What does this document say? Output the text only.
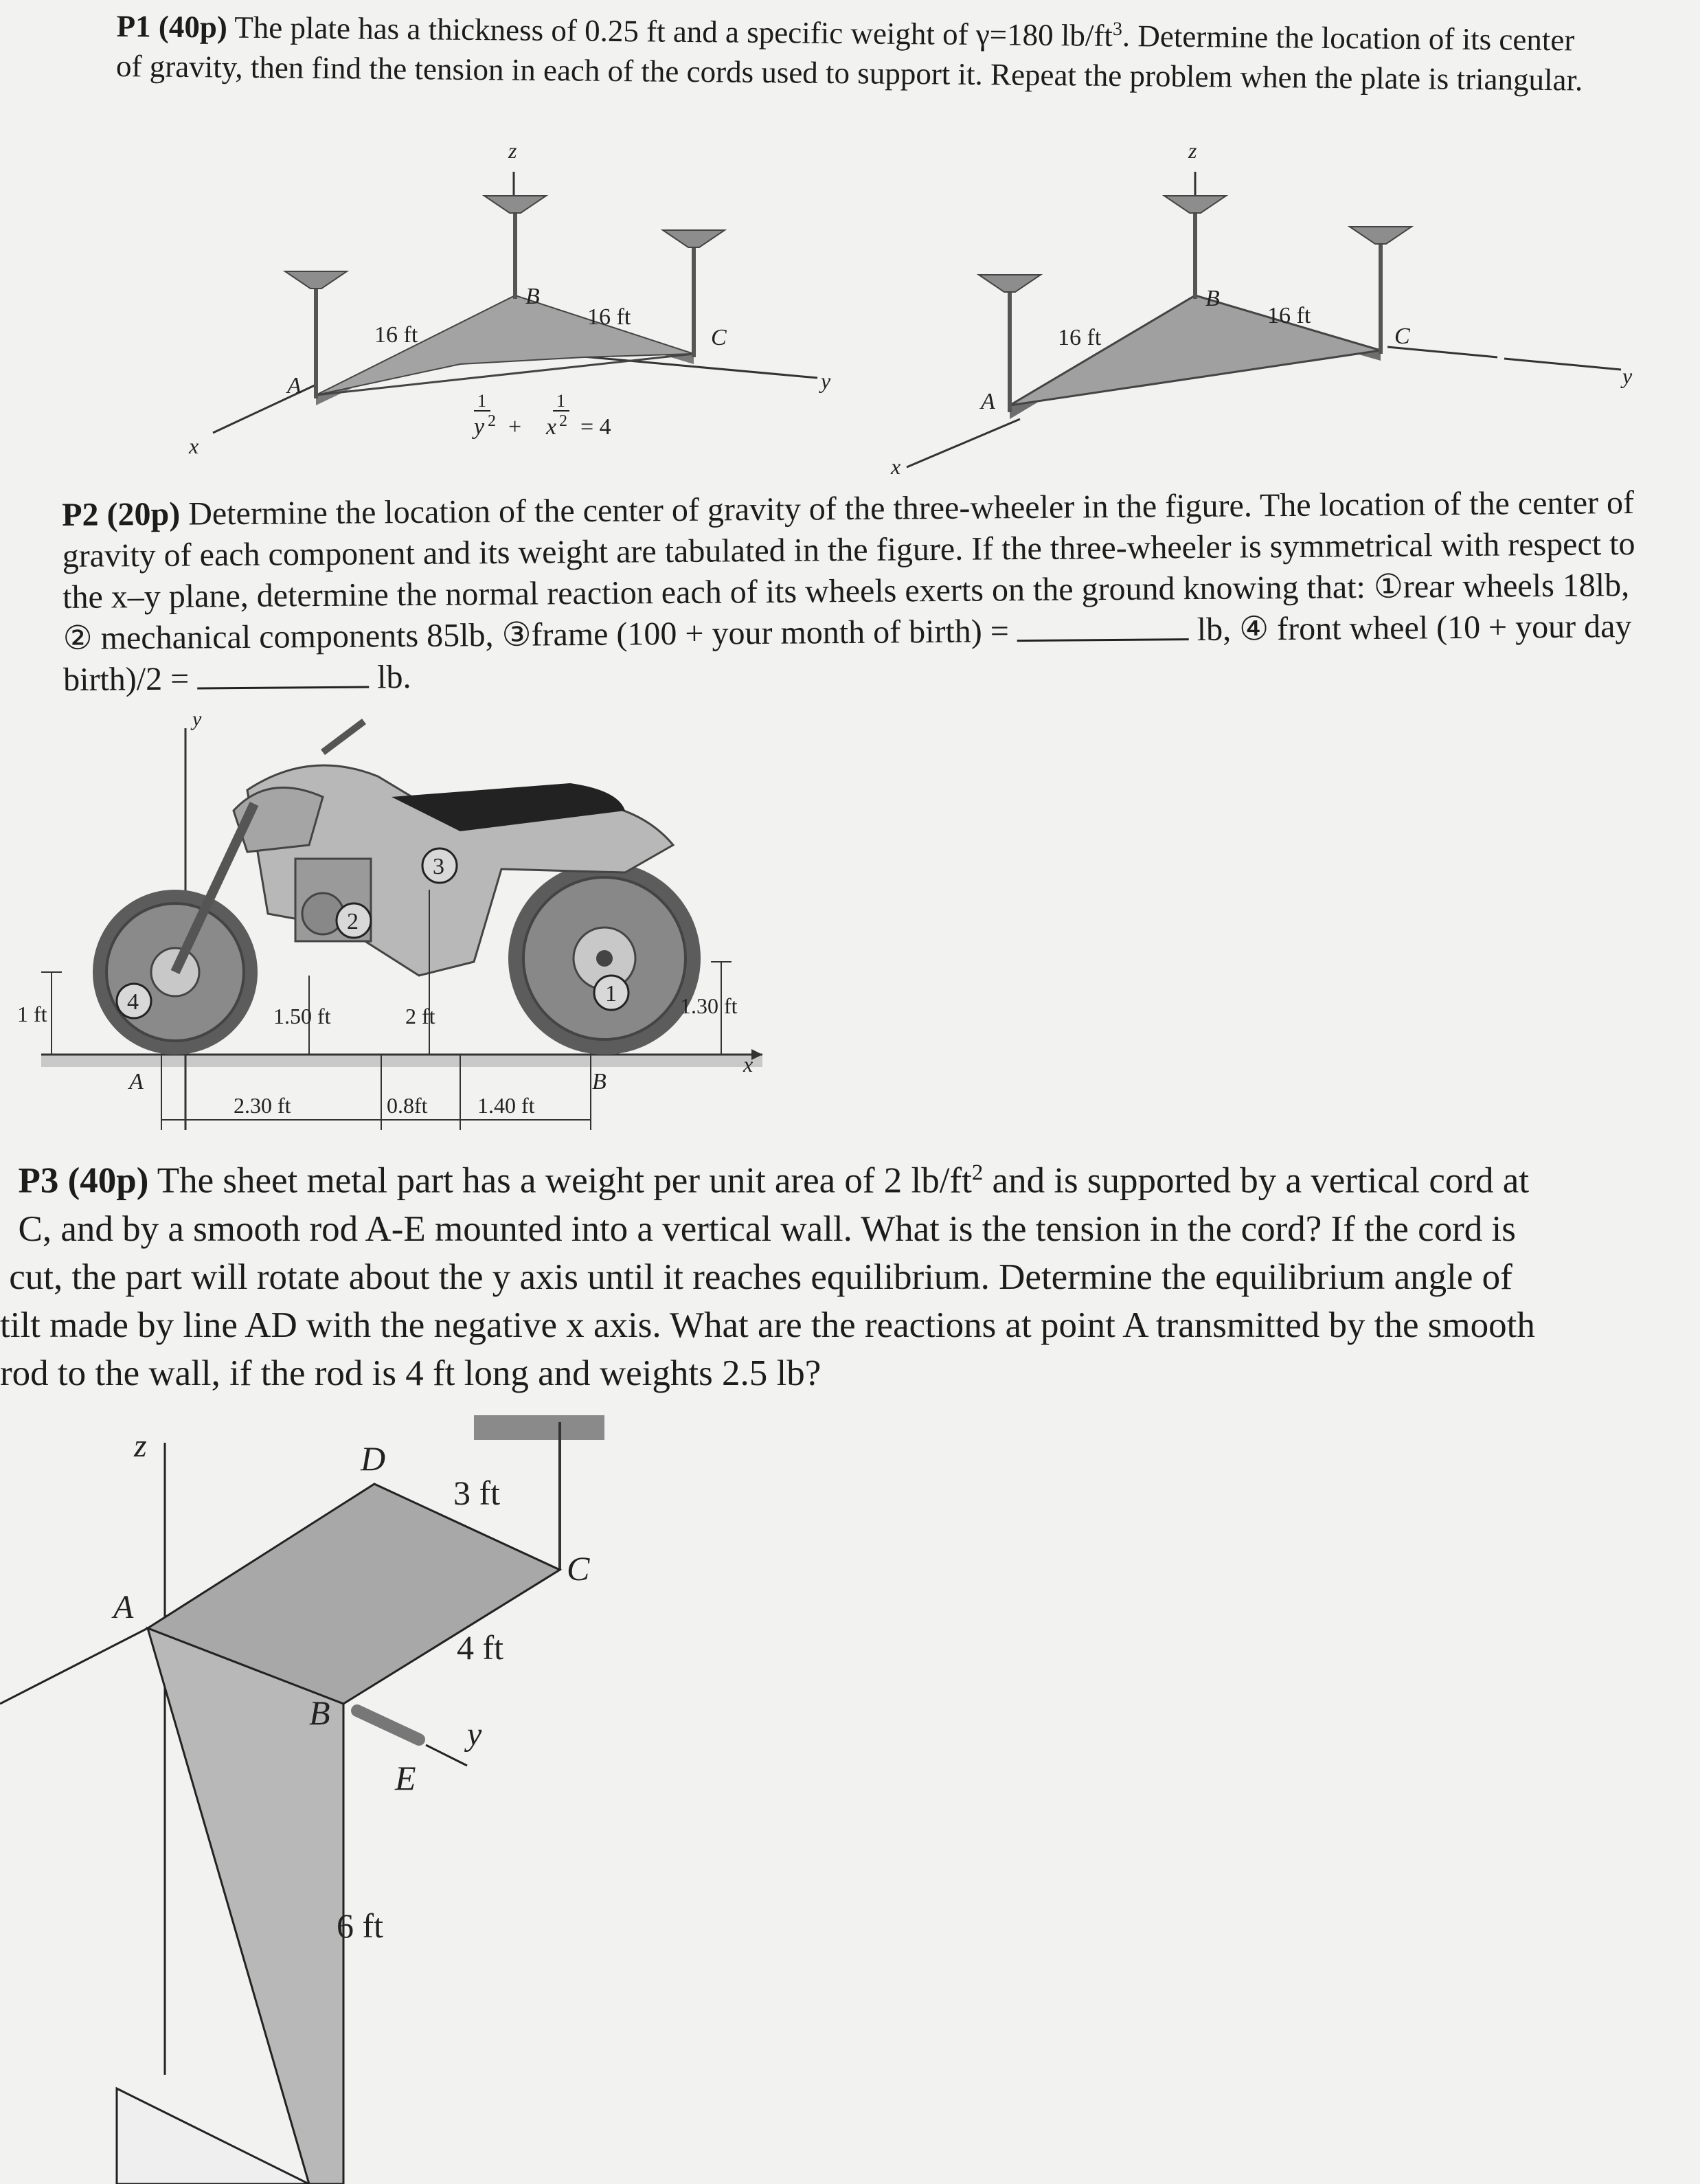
P1 (40p) The plate has a thickness of 0.25 ft and a specific weight of γ=180 $lb/ft^3$. Determine the location of its center of gravity, then find the tension in each of the cords used to support it. Repeat the problem when the plate is triangular.

z
x
y
A
B
C
16 ft
16 ft
1
y 2 +
1
x 2 = 4
z
x
y
A
B
C
16 ft
16 ft

P2 (20p) Determine the location of the center of gravity of the three-wheeler in the figure. The location of the center of gravity of each component and its weight are tabulated in the figure. If the three-wheeler is symmetrical with respect to the x–y plane, determine the normal reaction each of its wheels exerts on the ground knowing that: ①rear wheels 18lb, ② mechanical components 85lb, ③frame (100 + your month of birth) =	lb, ④ front wheel (10 + your day birth)/2 =	lb.

3
2
1
4
y
x
A	B
1 ft	1.50 ft	2 ft	1.30 ft
2.30 ft	0.8ft 1.40 ft
P3 (40p) The sheet metal part has a weight per unit area of 2 $lb/ft^2$ and is supported by a vertical cord at
C, and by a smooth rod A-E mounted into a vertical wall. What is the tension in the cord? If the cord is
cut, the part will rotate about the y axis until it reaches equilibrium. Determine the equilibrium angle of
tilt made by line AD with the negative x axis. What are the reactions at point A transmitted by the smooth
rod to the wall, if the rod is 4 ft long and weights 2.5 lb?
z
A
D
C
B
E
y
3 ft
4 ft
6 ft
